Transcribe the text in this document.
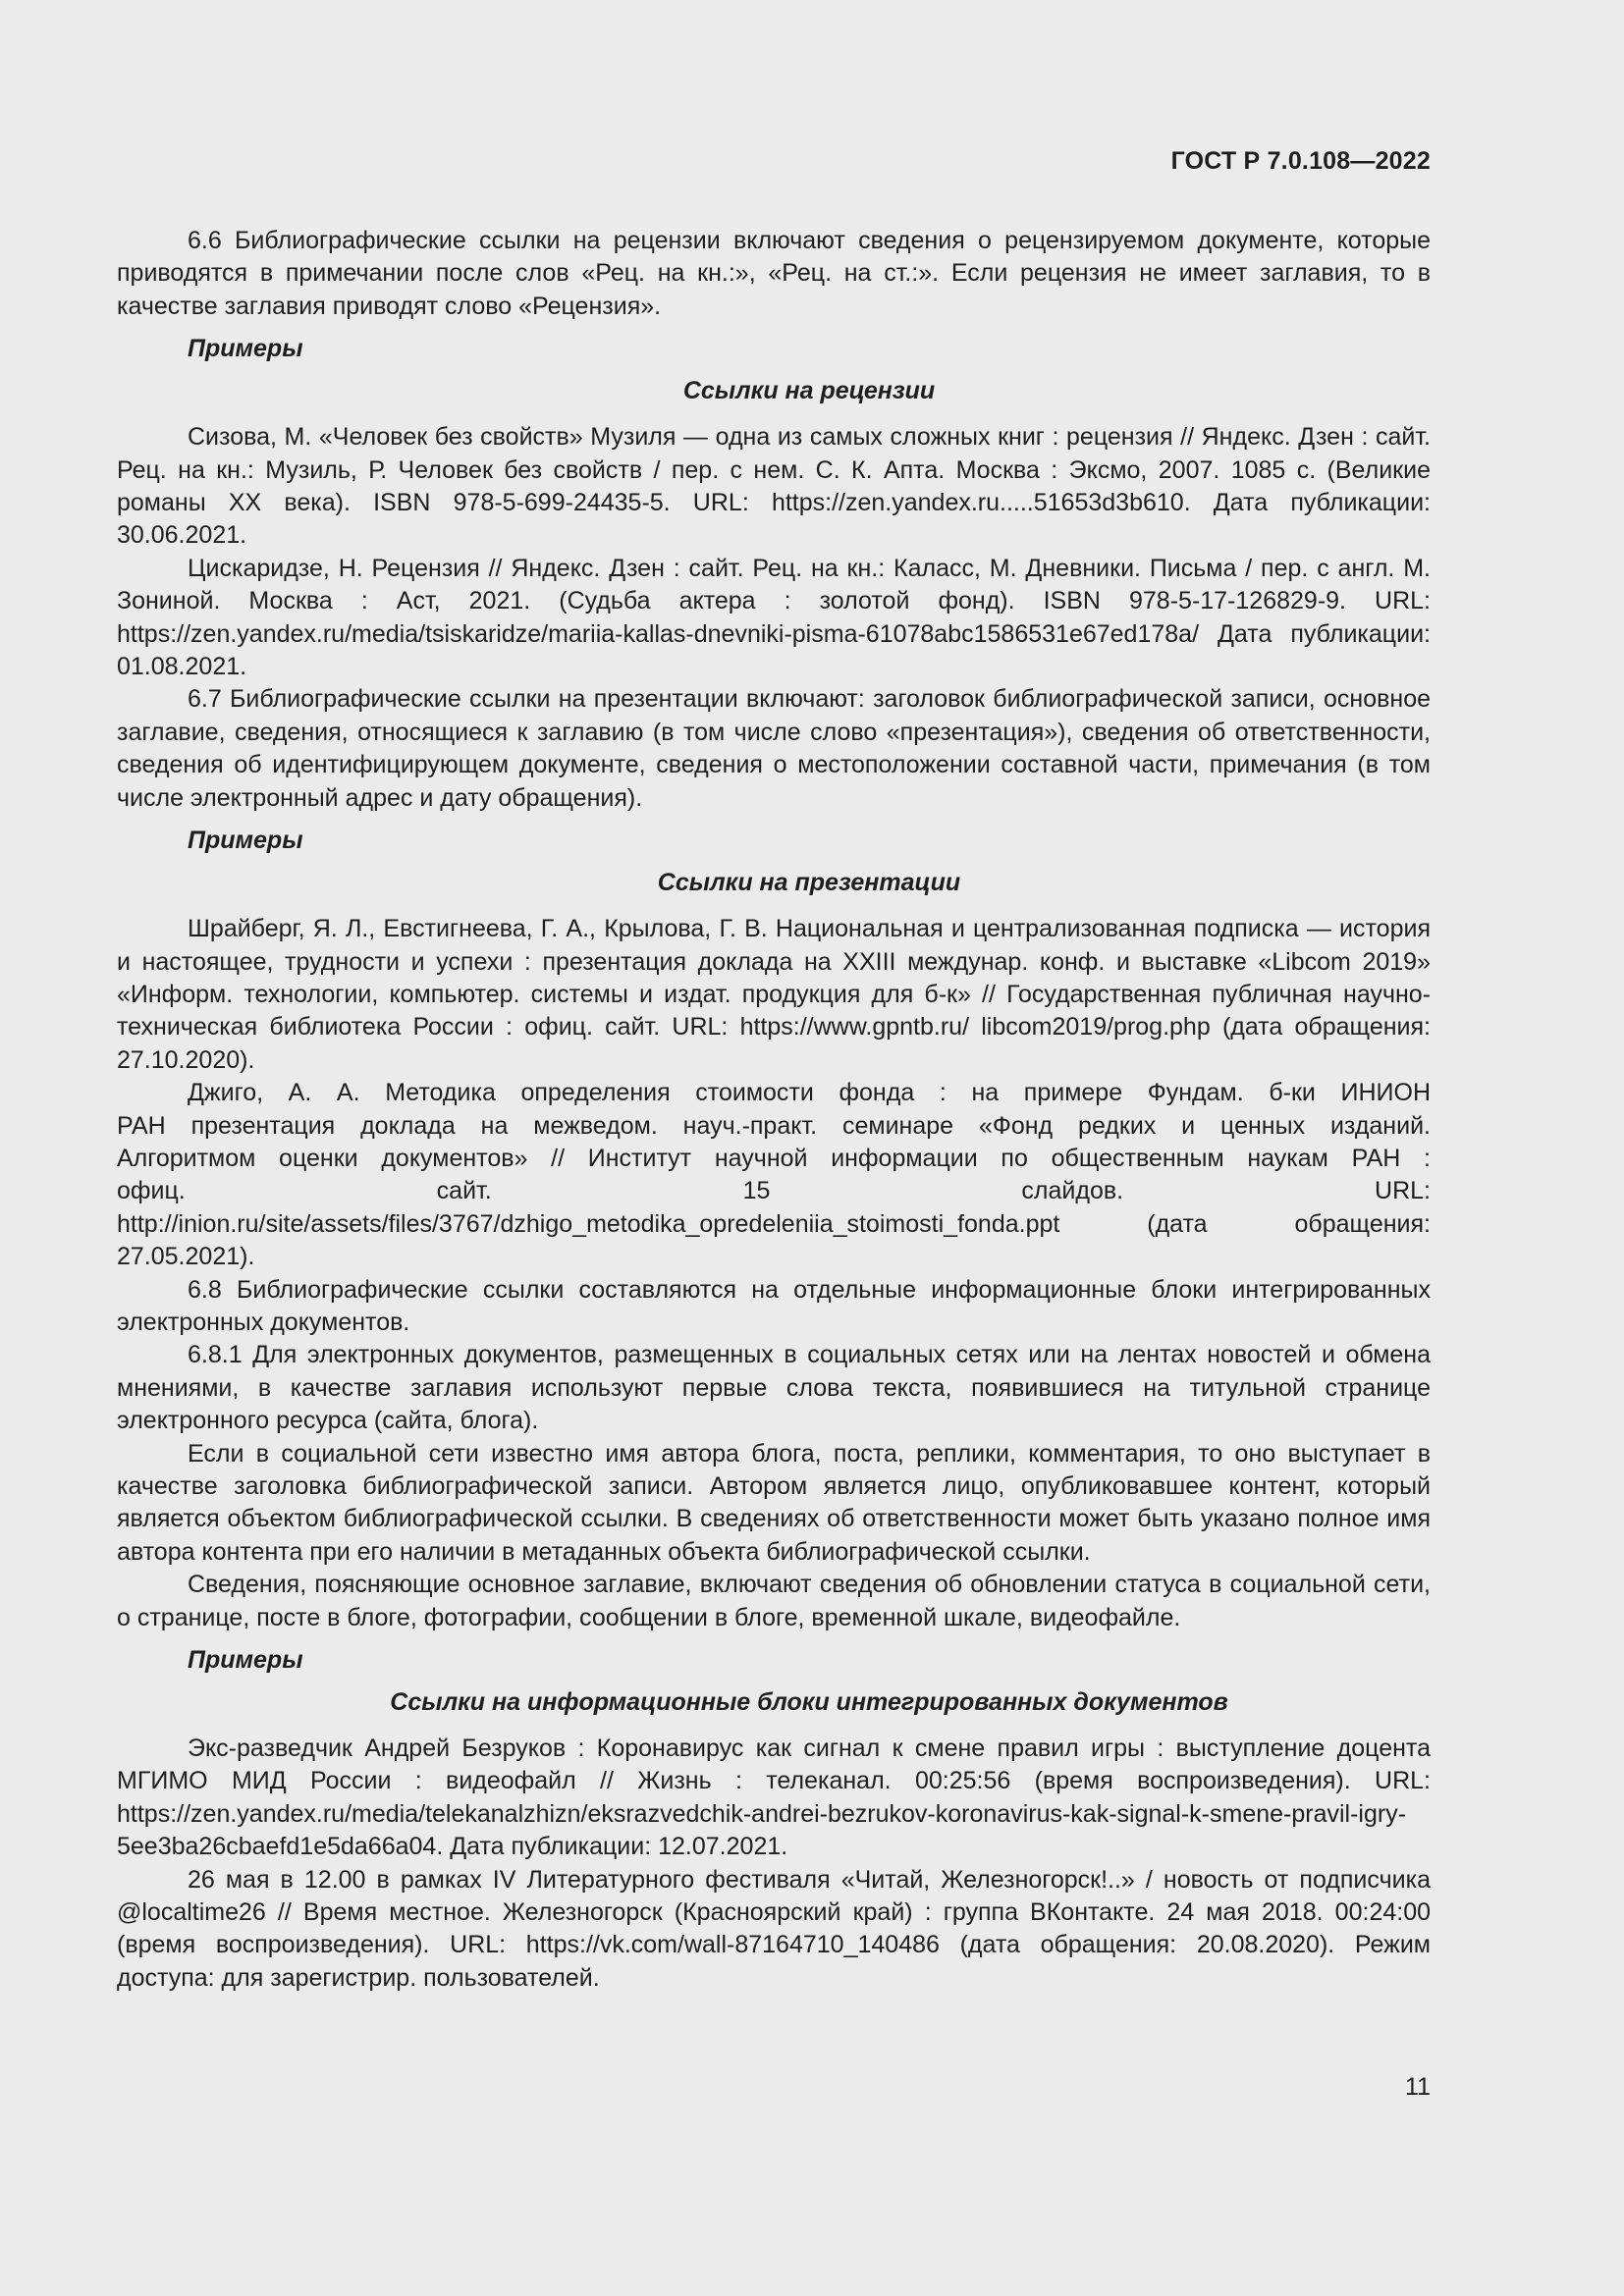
ГОСТ Р 7.0.108—2022

6.6 Библиографические ссылки на рецензии включают сведения о рецензируемом документе, которые приводятся в примечании после слов «Рец. на кн.:», «Рец. на ст.:». Если рецензия не имеет заглавия, то в качестве заглавия приводят слово «Рецензия».

Примеры
Ссылки на рецензии

Сизова, М. «Человек без свойств» Музиля — одна из самых сложных книг : рецензия // Яндекс. Дзен : сайт. Рец. на кн.: Музиль, Р. Человек без свойств / пер. с нем. С. К. Апта. Москва : Эксмо, 2007. 1085 с. (Великие романы XX века). ISBN 978-5-699-24435-5. URL: https://zen.yandex.ru.....51653d3b610. Дата публикации: 30.06.2021.

Цискаридзе, Н. Рецензия // Яндекс. Дзен : сайт. Рец. на кн.: Каласс, М. Дневники. Письма / пер. с англ. М. Зониной. Москва : Аст, 2021. (Судьба актера : золотой фонд). ISBN 978-5-17-126829-9. URL: https://zen.yandex.ru/media/tsiskaridze/mariia-kallas-dnevniki-pisma-61078abc1586531e67ed178a/ Дата публикации: 01.08.2021.

6.7 Библиографические ссылки на презентации включают: заголовок библиографической записи, основное заглавие, сведения, относящиеся к заглавию (в том числе слово «презентация»), сведения об ответственности, сведения об идентифицирующем документе, сведения о местоположении составной части, примечания (в том числе электронный адрес и дату обращения).

Примеры
Ссылки на презентации

Шрайберг, Я. Л., Евстигнеева, Г. А., Крылова, Г. В. Национальная и централизованная подписка — история и настоящее, трудности и успехи : презентация доклада на XXIII междунар. конф. и выставке «Libcom 2019» «Информ. технологии, компьютер. системы и издат. продукция для б-к» // Государственная публичная научно-техническая библиотека России : офиц. сайт. URL: https://www.gpntb.ru/ libcom2019/prog.php (дата обращения: 27.10.2020).

Джиго, А. А. Методика определения стоимости фонда : на примере Фундам. б-ки ИНИОН РАН презентация доклада на межведом. науч.-практ. семинаре «Фонд редких и ценных изданий. Алгоритмом оценки документов» // Институт научной информации по общественным наукам РАН : офиц. сайт. 15 слайдов. URL: http://inion.ru/site/assets/files/3767/dzhigo_metodika_opredeleniia_stoimosti_fonda.ppt (дата обращения: 27.05.2021).

6.8 Библиографические ссылки составляются на отдельные информационные блоки интегрированных электронных документов.

6.8.1 Для электронных документов, размещенных в социальных сетях или на лентах новостей и обмена мнениями, в качестве заглавия используют первые слова текста, появившиеся на титульной странице электронного ресурса (сайта, блога).

Если в социальной сети известно имя автора блога, поста, реплики, комментария, то оно выступает в качестве заголовка библиографической записи. Автором является лицо, опубликовавшее контент, который является объектом библиографической ссылки. В сведениях об ответственности может быть указано полное имя автора контента при его наличии в метаданных объекта библиографической ссылки.

Сведения, поясняющие основное заглавие, включают сведения об обновлении статуса в социальной сети, о странице, посте в блоге, фотографии, сообщении в блоге, временной шкале, видеофайле.

Примеры
Ссылки на информационные блоки интегрированных документов

Экс-разведчик Андрей Безруков : Коронавирус как сигнал к смене правил игры : выступление доцента МГИМО МИД России : видеофайл // Жизнь : телеканал. 00:25:56 (время воспроизведения). URL: https://zen.yandex.ru/media/telekanalzhizn/eksrazvedchik-andrei-bezrukov-koronavirus-kak-signal-k-smene-pravil-igry-5ee3ba26cbaefd1e5da66a04. Дата публикации: 12.07.2021.

26 мая в 12.00 в рамках IV Литературного фестиваля «Читай, Железногорск!..» / новость от подписчика @localtime26 // Время местное. Железногорск (Красноярский край) : группа ВКонтакте. 24 мая 2018. 00:24:00 (время воспроизведения). URL: https://vk.com/wall-87164710_140486 (дата обращения: 20.08.2020). Режим доступа: для зарегистрир. пользователей.

11
